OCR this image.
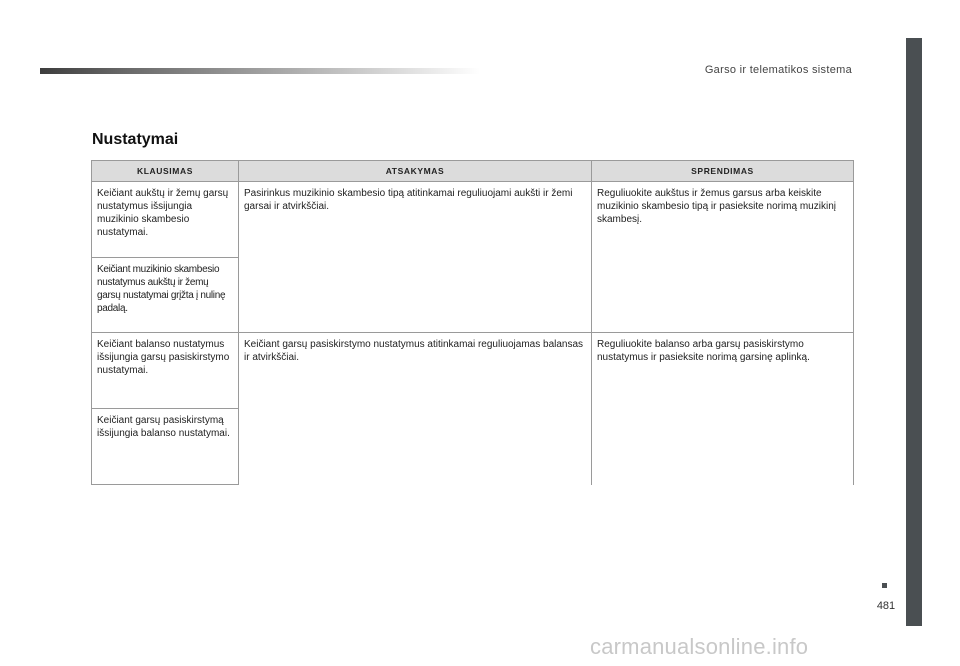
Garso ir telematikos sistema
481
Nustatymai
KLAUSIMAS	ATSAKYMAS	SPRENDIMAS
Keičiant aukštų ir žemų garsų nustatymus išsijungia muzikinio skambesio nustatymai.	Pasirinkus muzikinio skambesio tipą atitinkamai reguliuojami aukšti ir žemi garsai ir atvirkščiai.	Reguliuokite aukštus ir žemus garsus arba keiskite muzikinio skambesio tipą ir pasieksite norimą muzikinį skambesį.
Keičiant muzikinio skambesio nustatymus aukštų ir žemų garsų nustatymai grįžta į nulinę padalą.		
Keičiant balanso nustatymus išsijungia garsų pasiskirstymo nustatymai.	Keičiant garsų pasiskirstymo nustatymus atitinkamai reguliuojamas balansas ir atvirkščiai.	Reguliuokite balanso arba garsų pasiskirstymo nustatymus ir pasieksite norimą garsinę aplinką.
Keičiant garsų pasiskirstymą išsijungia balanso nustatymai.		
carmanualsonline.info
